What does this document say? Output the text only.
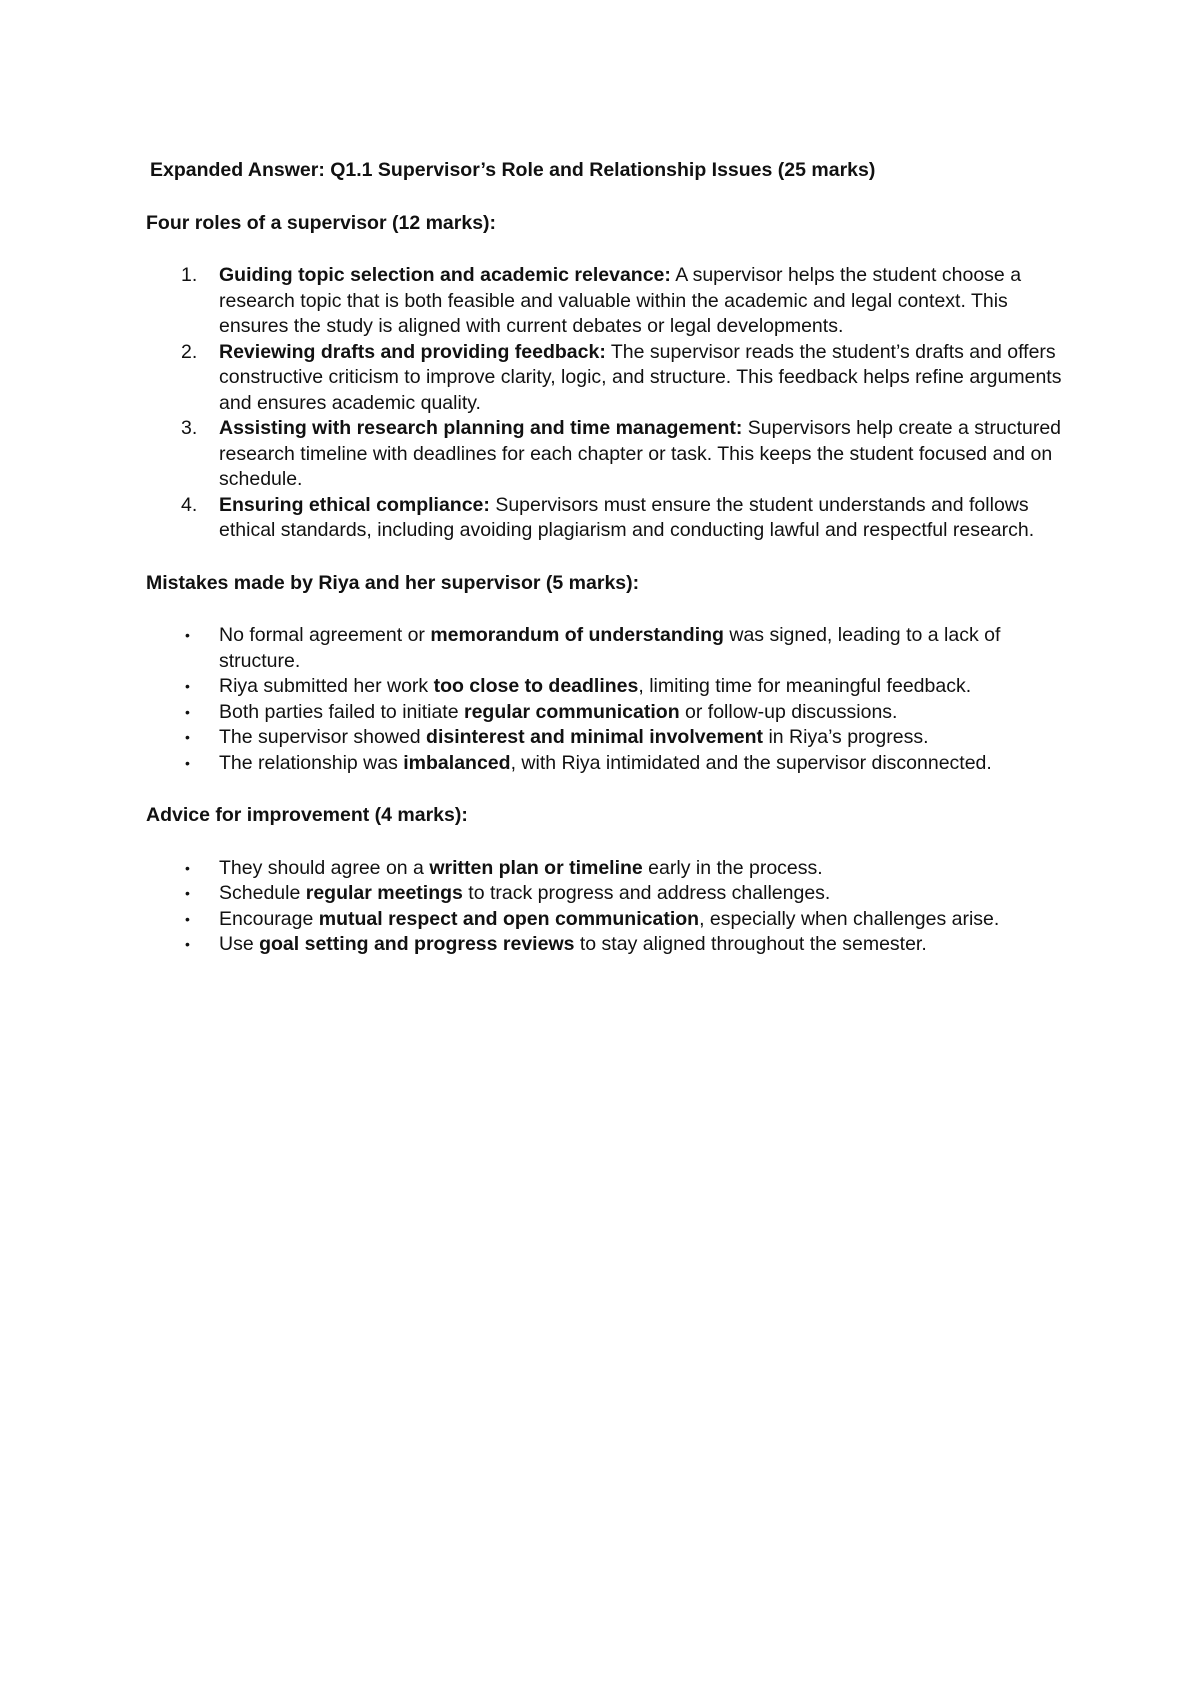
Expanded Answer: Q1.1 Supervisor’s Role and Relationship Issues (25 marks)
Four roles of a supervisor (12 marks):
1. Guiding topic selection and academic relevance: A supervisor helps the student choose a research topic that is both feasible and valuable within the academic and legal context. This ensures the study is aligned with current debates or legal developments.
2. Reviewing drafts and providing feedback: The supervisor reads the student’s drafts and offers constructive criticism to improve clarity, logic, and structure. This feedback helps refine arguments and ensures academic quality.
3. Assisting with research planning and time management: Supervisors help create a structured research timeline with deadlines for each chapter or task. This keeps the student focused and on schedule.
4. Ensuring ethical compliance: Supervisors must ensure the student understands and follows ethical standards, including avoiding plagiarism and conducting lawful and respectful research.
Mistakes made by Riya and her supervisor (5 marks):
• No formal agreement or memorandum of understanding was signed, leading to a lack of structure.
• Riya submitted her work too close to deadlines, limiting time for meaningful feedback.
• Both parties failed to initiate regular communication or follow-up discussions.
• The supervisor showed disinterest and minimal involvement in Riya’s progress.
• The relationship was imbalanced, with Riya intimidated and the supervisor disconnected.
Advice for improvement (4 marks):
• They should agree on a written plan or timeline early in the process.
• Schedule regular meetings to track progress and address challenges.
• Encourage mutual respect and open communication, especially when challenges arise.
• Use goal setting and progress reviews to stay aligned throughout the semester.
